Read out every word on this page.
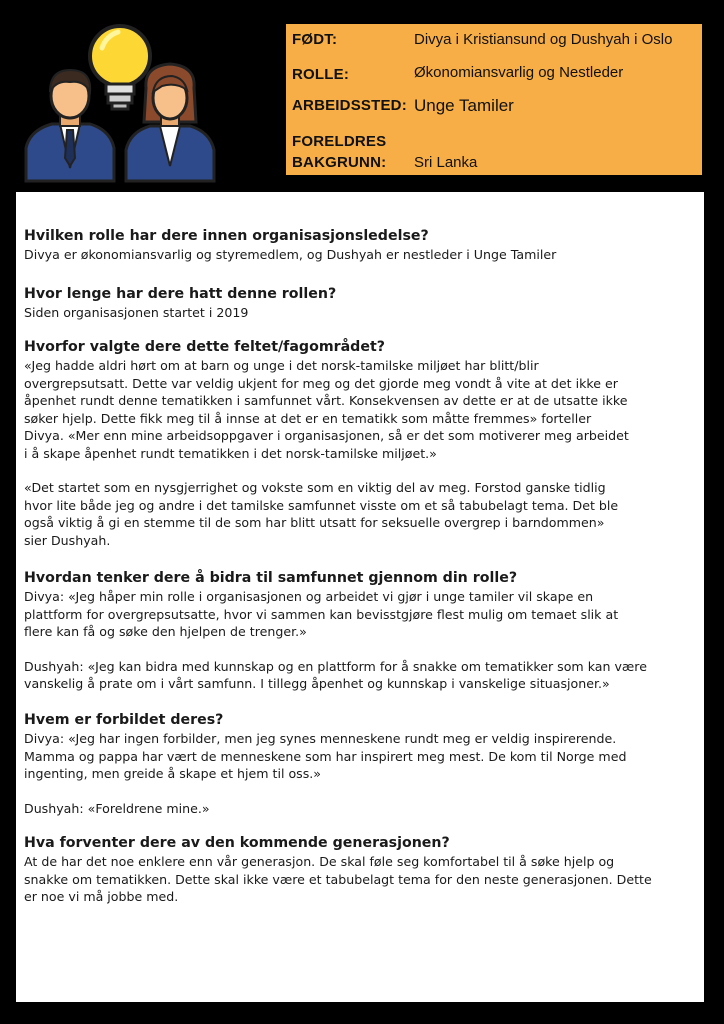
FØDT:	Divya i Kristiansund og Dushyah i Oslo
ROLLE:	Økonomiansvarlig og Nestleder
ARBEIDSSTED: Unge Tamiler
FORELDRES
BAKGRUNN: Sri Lanka

Hvilken rolle har dere innen organisasjonsledelse?

Divya er økonomiansvarlig og styremedlem, og Dushyah er nestleder i Unge Tamiler

Hvor lenge har dere hatt denne rollen?

Siden organisasjonen startet i 2019

Hvorfor valgte dere dette feltet/fagområdet?

«Jeg hadde aldri hørt om at barn og unge i det norsk-tamilske miljøet har blitt/blir
overgrepsutsatt. Dette var veldig ukjent for meg og det gjorde meg vondt å vite at det ikke er
åpenhet rundt denne tematikken i samfunnet vårt. Konsekvensen av dette er at de utsatte ikke
søker hjelp. Dette fikk meg til å innse at det er en tematikk som måtte fremmes» forteller
Divya. «Mer enn mine arbeidsoppgaver i organisasjonen, så er det som motiverer meg arbeidet
i å skape åpenhet rundt tematikken i det norsk-tamilske miljøet.»

«Det startet som en nysgjerrighet og vokste som en viktig del av meg. Forstod ganske tidlig
hvor lite både jeg og andre i det tamilske samfunnet visste om et så tabubelagt tema. Det ble
også viktig å gi en stemme til de som har blitt utsatt for seksuelle overgrep i barndommen»
sier Dushyah.

Hvordan tenker dere å bidra til samfunnet gjennom din rolle?

Divya: «Jeg håper min rolle i organisasjonen og arbeidet vi gjør i unge tamiler vil skape en
plattform for overgrepsutsatte, hvor vi sammen kan bevisstgjøre flest mulig om temaet slik at
flere kan få og søke den hjelpen de trenger.»

Dushyah: «Jeg kan bidra med kunnskap og en plattform for å snakke om tematikker som kan være
vanskelig å prate om i vårt samfunn. I tillegg åpenhet og kunnskap i vanskelige situasjoner.»

Hvem er forbildet deres?

Divya: «Jeg har ingen forbilder, men jeg synes menneskene rundt meg er veldig inspirerende.
Mamma og pappa har vært de menneskene som har inspirert meg mest. De kom til Norge med
ingenting, men greide å skape et hjem til oss.»

Dushyah: «Foreldrene mine.»

Hva forventer dere av den kommende generasjonen?

At de har det noe enklere enn vår generasjon. De skal føle seg komfortabel til å søke hjelp og
snakke om tematikken. Dette skal ikke være et tabubelagt tema for den neste generasjonen. Dette
er noe vi må jobbe med.
